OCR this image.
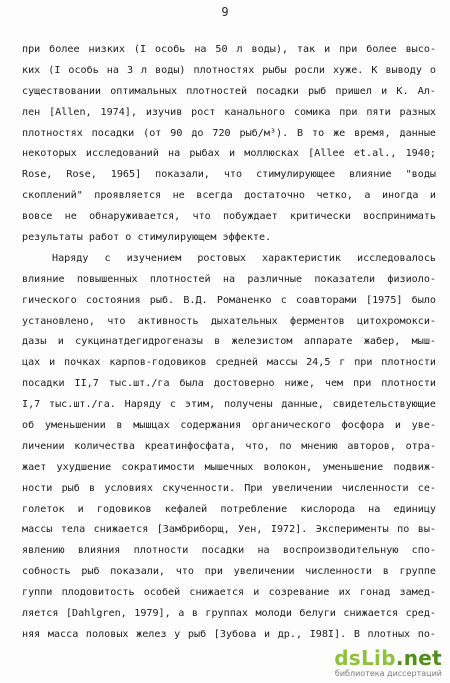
9
при более низких (I особь на 50 л воды), так и при более высо-
ких (I особь на 3 л воды) плотностях рыбы росли хуже. К выводу о
существовании оптимальных плотностей посадки рыб пришел и К. Ал-
лен [Allen, 1974], изучив рост канального сомика при пяти разных
плотностях посадки (от 90 до 720 рыб/м³). В то же время, данные
некоторых исследований на рыбах и моллюсках [Allee et.al., 1940;
Rose, Rose, 1965] показали, что стимулирующее влияние "воды
скоплений" проявляется не всегда достаточно четко, а иногда и
вовсе не обнаруживается, что побуждает критически воспринимать
результаты работ о стимулирующем эффекте.
Наряду с изучением ростовых характеристик исследовалось
влияние повышенных плотностей на различные показатели физиоло-
гического состояния рыб. В.Д. Романенко с соавторами [1975] было
установлено, что активность дыхательных ферментов цитохромокси-
дазы и сукцинатдегидрогеназы в железистом аппарате жабер, мыш-
цах и почках карпов-годовиков средней массы 24,5 г при плотности
посадки II,7 тыс.шт./га была достоверно ниже, чем при плотности
I,7 тыс.шт./га. Наряду с этим, получены данные, свидетельствующие
об уменьшении в мышцах содержания органического фосфора и уве-
личении количества креатинфосфата, что, по мнению авторов, отра-
жает ухудшение сократимости мышечных волокон, уменьшение подвиж-
ности рыб в условиях скученности. При увеличении численности се-
голеток и годовиков кефалей потребление кислорода на единицу
массы тела снижается [Замбриборщ, Уен, I972]. Эксперименты по вы-
явлению влияния плотности посадки на воспроизводительную спо-
собность рыб показали, что при увеличении численности в группе
гуппи плодовитость особей снижается и созревание их гонад замед-
ляется [Dahlgren, 1979], а в группах молоди белуги снижается сред-
няя масса половых желез у рыб [Зубова и др., I98I]. В плотных по-
dsLib.net
библиотека диссертаций
